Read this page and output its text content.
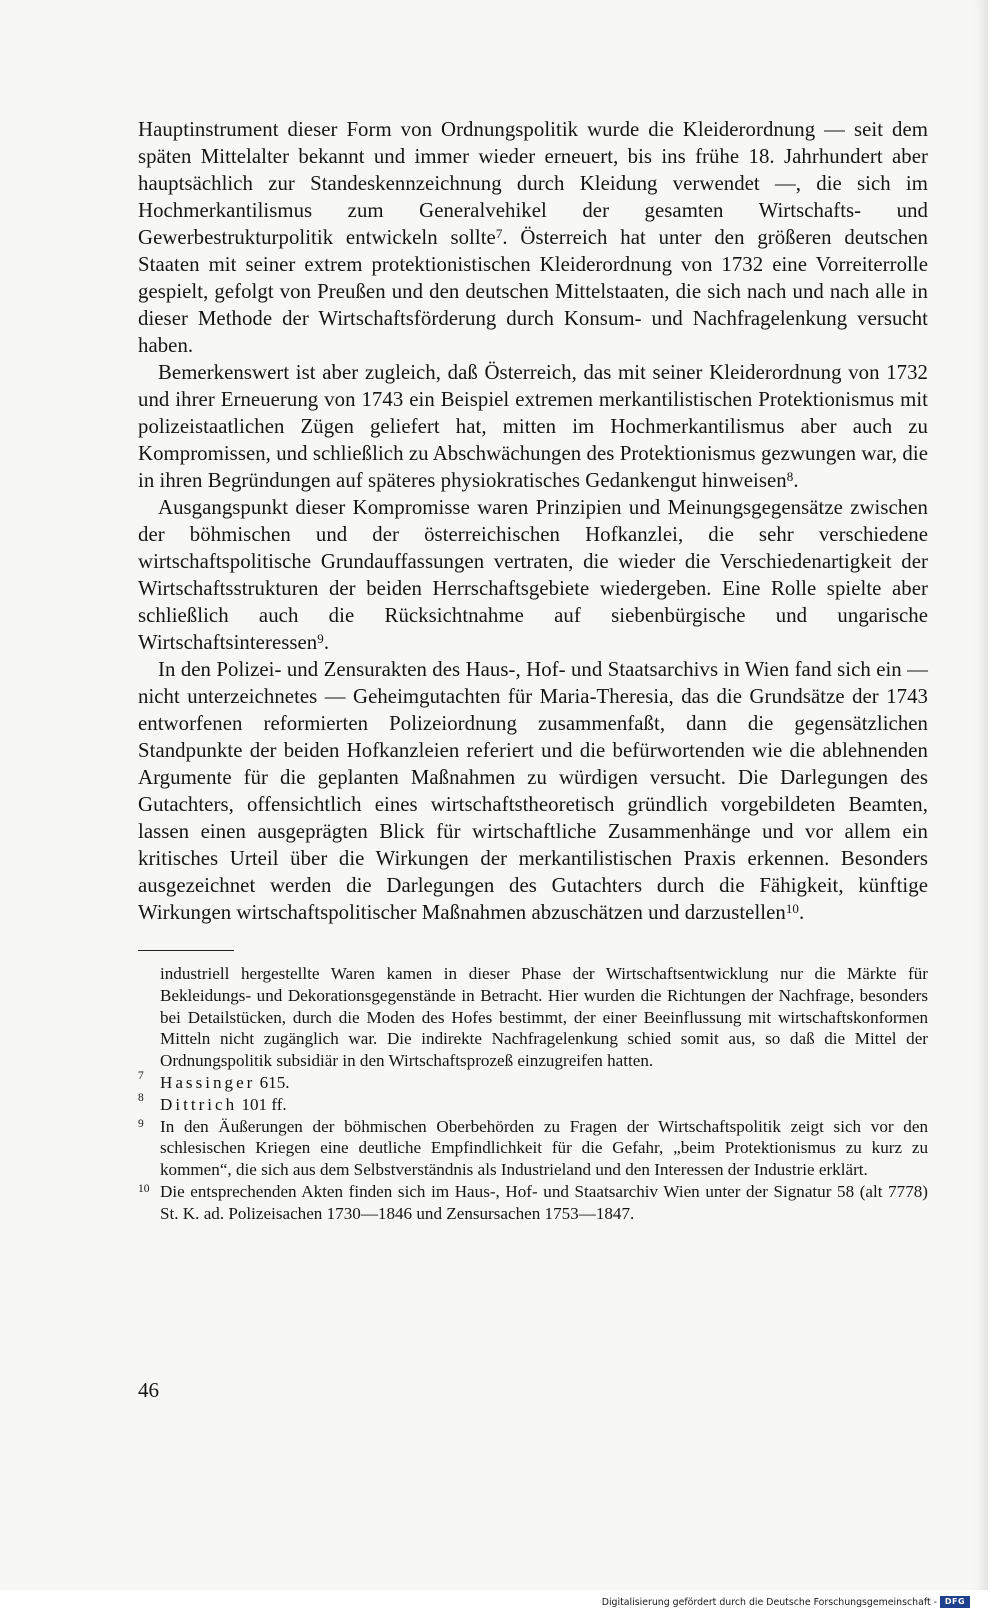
Hauptinstrument dieser Form von Ordnungspolitik wurde die Kleiderordnung — seit dem späten Mittelalter bekannt und immer wieder erneuert, bis ins frühe 18. Jahrhundert aber hauptsächlich zur Standeskennzeichnung durch Kleidung verwendet —, die sich im Hochmerkantilismus zum Generalvehikel der gesamten Wirtschafts- und Gewerbestrukturpolitik entwickeln sollte$^7$. Österreich hat unter den größeren deutschen Staaten mit seiner extrem protektionistischen Kleiderordnung von 1732 eine Vorreiterrolle gespielt, gefolgt von Preußen und den deutschen Mittelstaaten, die sich nach und nach alle in dieser Methode der Wirtschaftsförderung durch Konsum- und Nachfragelenkung versucht haben.

Bemerkenswert ist aber zugleich, daß Österreich, das mit seiner Kleiderordnung von 1732 und ihrer Erneuerung von 1743 ein Beispiel extremen merkantilistischen Protektionismus mit polizeistaatlichen Zügen geliefert hat, mitten im Hochmerkantilismus aber auch zu Kompromissen, und schließlich zu Abschwächungen des Protektionismus gezwungen war, die in ihren Begründungen auf späteres physiokratisches Gedankengut hinweisen$^8$.

Ausgangspunkt dieser Kompromisse waren Prinzipien und Meinungsgegensätze zwischen der böhmischen und der österreichischen Hofkanzlei, die sehr verschiedene wirtschaftspolitische Grundauffassungen vertraten, die wieder die Verschiedenartigkeit der Wirtschaftsstrukturen der beiden Herrschaftsgebiete wiedergeben. Eine Rolle spielte aber schließlich auch die Rücksichtnahme auf siebenbürgische und ungarische Wirtschaftsinteressen$^9$.

In den Polizei- und Zensurakten des Haus-, Hof- und Staatsarchivs in Wien fand sich ein — nicht unterzeichnetes — Geheimgutachten für Maria-Theresia, das die Grundsätze der 1743 entworfenen reformierten Polizeiordnung zusammenfaßt, dann die gegensätzlichen Standpunkte der beiden Hofkanzleien referiert und die befürwortenden wie die ablehnenden Argumente für die geplanten Maßnahmen zu würdigen versucht. Die Darlegungen des Gutachters, offensichtlich eines wirtschaftstheoretisch gründlich vorgebildeten Beamten, lassen einen ausgeprägten Blick für wirtschaftliche Zusammenhänge und vor allem ein kritisches Urteil über die Wirkungen der merkantilistischen Praxis erkennen. Besonders ausgezeichnet werden die Darlegungen des Gutachters durch die Fähigkeit, künftige Wirkungen wirtschaftspolitischer Maßnahmen abzuschätzen und darzustellen$^{10}$.

industriell hergestellte Waren kamen in dieser Phase der Wirtschaftsentwicklung nur die Märkte für Bekleidungs- und Dekorationsgegenstände in Betracht. Hier wurden die Richtungen der Nachfrage, besonders bei Detailstücken, durch die Moden des Hofes bestimmt, der einer Beeinflussung mit wirtschaftskonformen Mitteln nicht zugänglich war. Die indirekte Nachfragelenkung schied somit aus, so daß die Mittel der Ordnungspolitik subsidiär in den Wirtschaftsprozeß einzugreifen hatten.

7 Hassinger 615.

8 Dittrich 101 ff.

9 In den Äußerungen der böhmischen Oberbehörden zu Fragen der Wirtschaftspolitik zeigt sich vor den schlesischen Kriegen eine deutliche Empfindlichkeit für die Gefahr, „beim Protektionismus zu kurz zu kommen“, die sich aus dem Selbstverständnis als Industrieland und den Interessen der Industrie erklärt.

10 Die entsprechenden Akten finden sich im Haus-, Hof- und Staatsarchiv Wien unter der Signatur 58 (alt 7778) St. K. ad. Polizeisachen 1730—1846 und Zensursachen 1753—1847.

46
Digitalisierung gefördert durch die Deutsche Forschungsgemeinschaft - DFG
